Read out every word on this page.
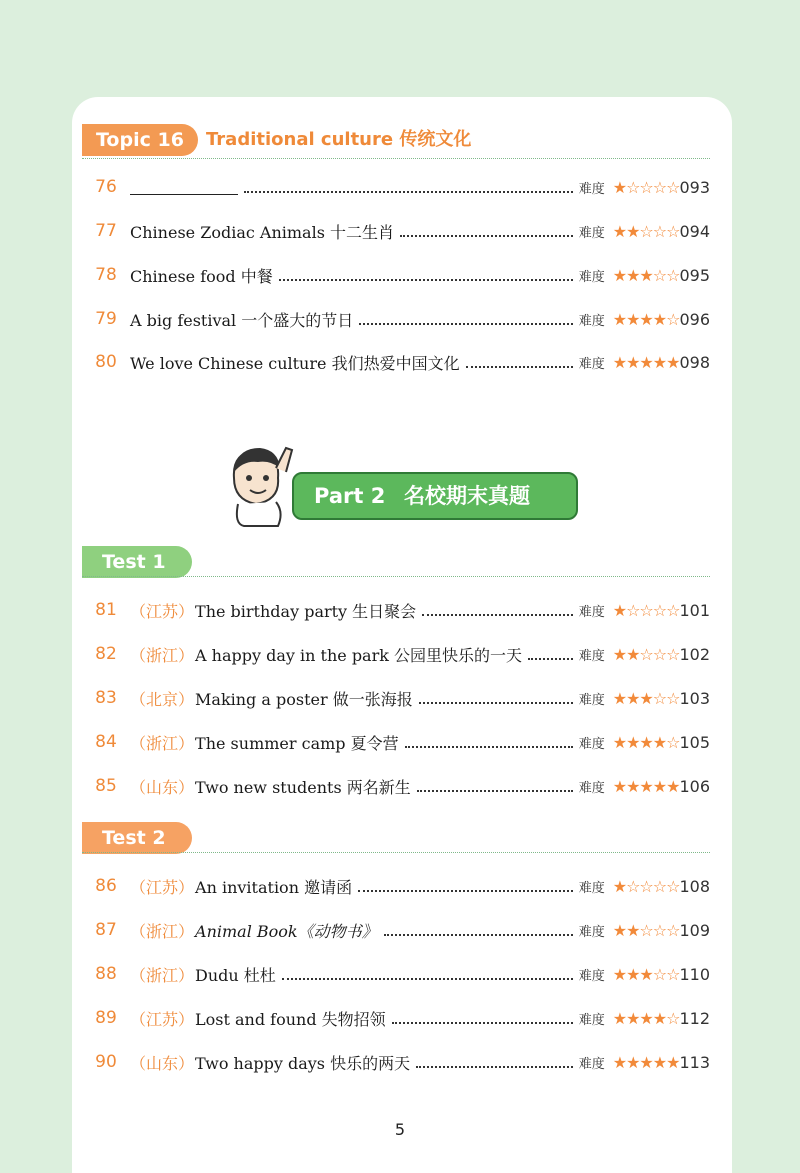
Topic 16	Traditional culture 传统文化
76	难度 ★☆☆☆☆ 093
77 Chinese Zodiac Animals 十二生肖	难度 ★★☆☆☆ 094
78 Chinese food 中餐	难度 ★★★☆☆ 095
79 A big festival 一个盛大的节日	难度 ★★★★☆ 096
80 We love Chinese culture 我们热爱中国文化	难度 ★★★★★ 098
Part 2 名校期末真题
Test 1
81 （江苏） The birthday party 生日聚会	难度 ★☆☆☆☆ 101
82 （浙江） A happy day in the park 公园里快乐的一天	难度 ★★☆☆☆ 102
83 （北京） Making a poster 做一张海报	难度 ★★★☆☆ 103
84 （浙江） The summer camp 夏令营	难度 ★★★★☆ 105
85 （山东） Two new students 两名新生	难度 ★★★★★ 106
Test 2
86 （江苏） An invitation 邀请函	难度 ★☆☆☆☆ 108
87 （浙江） Animal Book《动物书》	难度 ★★☆☆☆ 109
88 （浙江） Dudu 杜杜	难度 ★★★☆☆ 110
89 （江苏） Lost and found 失物招领	难度 ★★★★☆ 112
90 （山东） Two happy days 快乐的两天	难度 ★★★★★ 113
5
